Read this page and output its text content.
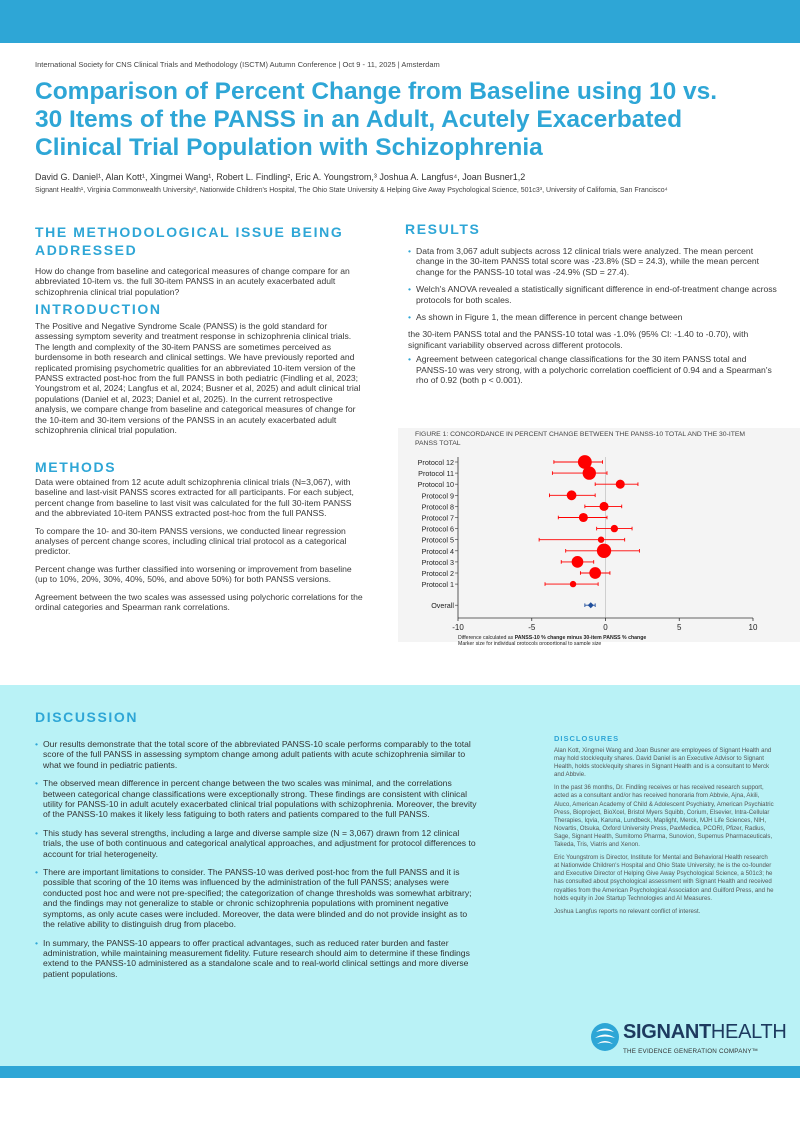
International Society for CNS Clinical Trials and Methodology (ISCTM) Autumn Conference | Oct 9 - 11, 2025 | Amsterdam
Comparison of Percent Change from Baseline using 10 vs.
30 Items of the PANSS in an Adult, Acutely Exacerbated
Clinical Trial Population with Schizophrenia
David G. Daniel¹, Alan Kott¹, Xingmei Wang¹, Robert L. Findling², Eric A. Youngstrom,³ Joshua A. Langfus⁴, Joan Busner1,2
Signant Health¹, Virginia Commonwealth University², Nationwide Children's Hospital, The Ohio State University & Helping Give Away Psychological Science, 501c3³, University of California, San Francisco⁴
THE METHODOLOGICAL ISSUE BEING
ADDRESSED
How do change from baseline and categorical measures of change compare for an abbreviated 10-item vs. the full 30-item PANSS in an acutely exacerbated adult schizophrenia clinical trial population?
INTRODUCTION
The Positive and Negative Syndrome Scale (PANSS) is the gold standard for assessing symptom severity and treatment response in schizophrenia clinical trials. The length and complexity of the 30-item PANSS are sometimes perceived as burdensome in both research and clinical settings. We have previously reported and replicated promising psychometric qualities for an abbreviated 10-item version of the PANSS extracted post-hoc from the full PANSS in both pediatric (Findling et al, 2023; Youngstrom et al, 2024; Langfus et al, 2024; Busner et al, 2025) and adult clinical trial populations (Daniel et al, 2023; Daniel et al, 2025). In the current retrospective analysis, we compare change from baseline and categorical measures of change for the 10-item and 30-item versions of the PANSS in an acutely exacerbated adult schizophrenia clinical trial population.
METHODS

Data were obtained from 12 acute adult schizophrenia clinical trials (N=3,067), with baseline and last-visit PANSS scores extracted for all participants. For each subject, percent change from baseline to last visit was calculated for the full 30-item PANSS and the abbreviated 10-item PANSS extracted post-hoc from the full PANSS.

To compare the 10- and 30-item PANSS versions, we conducted linear regression analyses of percent change scores, including clinical trial protocol as a categorical predictor.

Percent change was further classified into worsening or improvement from baseline (up to 10%, 20%, 30%, 40%, 50%, and above 50%) for both PANSS versions.

Agreement between the two scales was assessed using polychoric correlations for the ordinal categories and Spearman rank correlations.

RESULTS
• Data from 3,067 adult subjects across 12 clinical trials were analyzed. The mean percent change in the 30-item PANSS total score was -23.8% (SD = 24.3), while the mean percent change for the PANSS-10 total was -24.9% (SD = 27.4).
• Welch's ANOVA revealed a statistically significant difference in end-of-treatment change across protocols for both scales.
• As shown in Figure 1, the mean difference in percent change between
the 30-item PANSS total and the PANSS-10 total was -1.0% (95% CI: -1.40 to -0.70), with significant variability observed across different protocols.
• Agreement between categorical change classifications for the 30 item PANSS total and PANSS-10 was very strong, with a polychoric correlation coefficient of 0.94 and a Spearman's rho of 0.92 (both p < 0.001).
FIGURE 1: CONCORDANCE IN PERCENT CHANGE BETWEEN THE PANSS-10 TOTAL AND THE 30-ITEM PANSS TOTAL
-10	-5	0	5	10
Protocol 12
Protocol 11
Protocol 10
Protocol 9
Protocol 8
Protocol 7
Protocol 6
Protocol 5
Protocol 4
Protocol 3
Protocol 2
Protocol 1
Overall
Difference calculated as PANSS-10 % change minus 30-item PANSS % change
Marker size for individual protocols proportional to sample size
DISCUSSION
• Our results demonstrate that the total score of the abbreviated PANSS-10 scale performs comparably to the total score of the full PANSS in assessing symptom change among adult patients with acute schizophrenia similar to what we found in pediatric patients.
• The observed mean difference in percent change between the two scales was minimal, and the correlations between categorical change classifications were exceptionally strong. These findings are consistent with clinical utility for PANSS-10 in adult acutely exacerbated clinical trial populations with schizophrenia. Moreover, the brevity of the PANSS-10 makes it likely less fatiguing to both raters and patients compared to the full PANSS.
• This study has several strengths, including a large and diverse sample size (N = 3,067) drawn from 12 clinical trials, the use of both continuous and categorical analytical approaches, and adjustment for protocol differences to account for trial heterogeneity.
• There are important limitations to consider. The PANSS-10 was derived post-hoc from the full PANSS and it is possible that scoring of the 10 items was influenced by the administration of the full PANSS; analyses were conducted post hoc and were not pre-specified; the categorization of change thresholds was somewhat arbitrary; and the findings may not generalize to stable or chronic schizophrenia populations with prominent negative symptoms, as only acute cases were included. Moreover, the data were blinded and do not provide insight as to the relative ability to distinguish drug from placebo.
• In summary, the PANSS-10 appears to offer practical advantages, such as reduced rater burden and faster administration, while maintaining measurement fidelity. Future research should aim to determine if these findings extend to the PANSS-10 administered as a standalone scale and to real-world clinical settings and more diverse patient populations.
DISCLOSURES

Alan Kott, Xingmei Wang and Joan Busner are employees of Signant Health and may hold stock/equity shares. David Daniel is an Executive Advisor to Signant Health, holds stock/equity shares in Signant Health and is a consultant to Merck and Abbvie.

In the past 36 months, Dr. Findling receives or has received research support, acted as a consultant and/or has received honoraria from Abbvie, Ajna, Akili, Aluco, American Academy of Child & Adolescent Psychiatry, American Psychiatric Press, Bioproject, BioXcel, Bristol Myers Squibb, Corium, Elsevier, Intra-Cellular Therapies, Iqvia, Karuna, Lundbeck, Maplight, Merck, MJH Life Sciences, NIH, Novartis, Otsuka, Oxford University Press, PaxMedica, PCORI, Pfizer, Radius, Sage, Signant Health, Sumitomo Pharma, Sunovion, Supernus Pharmaceuticals, Takeda, Tris, Viatris and Xenon.

Eric Youngstrom is Director, Institute for Mental and Behavioral Health research at Nationwide Children's Hospital and Ohio State University; he is the co-founder and Executive Director of Helping Give Away Psychological Science, a 501c3; he has consulted about psychological assessment with Signant Health and received royalties from the American Psychological Association and Guilford Press, and he holds equity in Joe Startup Technologies and AI Measures.

Joshua Langfus reports no relevant conflict of interest.

SIGNANTHEALTH
THE EVIDENCE GENERATION COMPANY™
